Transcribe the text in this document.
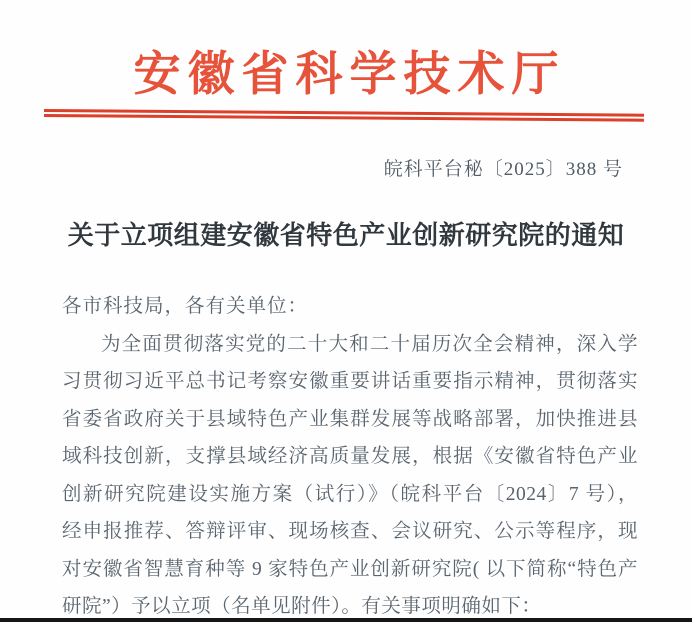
安徽省科学技术厅
皖科平台秘〔2025〕388 号
关于立项组建安徽省特色产业创新研究院的通知
各市科技局，各有关单位：
为全面贯彻落实党的二十大和二十届历次全会精神，深入学
习贯彻习近平总书记考察安徽重要讲话重要指示精神，贯彻落实
省委省政府关于县域特色产业集群发展等战略部署，加快推进县
域科技创新，支撑县域经济高质量发展，根据《安徽省特色产业
创新研究院建设实施方案（试行）》（皖科平台〔2024〕7 号），
经申报推荐、答辩评审、现场核查、会议研究、公示等程序，现
对安徽省智慧育种等 9 家特色产业创新研究院( 以下简称“特色产
研院”）予以立项（名单见附件）。有关事项明确如下：
